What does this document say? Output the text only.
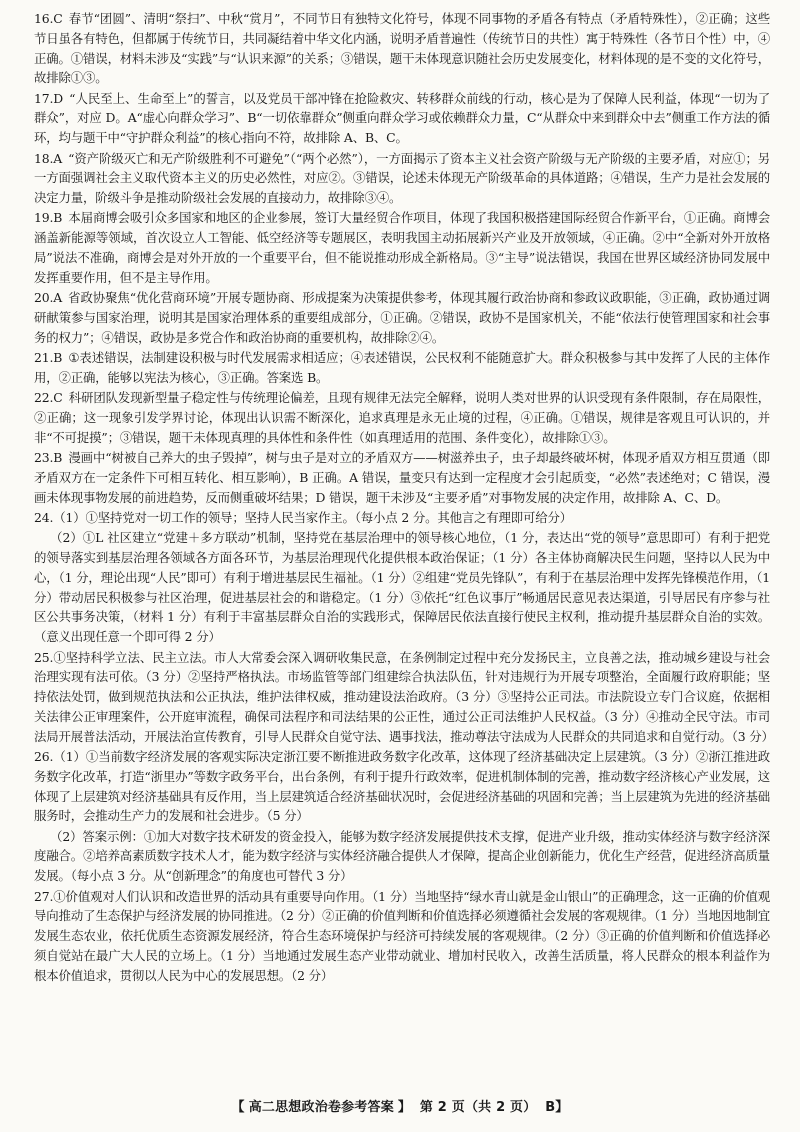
16.C  春节“团圆”、清明“祭扫”、中秋“赏月”，不同节日有独特文化符号，体现不同事物的矛盾各有特点（矛盾特殊性），②正确；这些节日虽各有特色，但都属于传统节日，共同凝结着中华文化内涵，说明矛盾普遍性（传统节日的共性）寓于特殊性（各节日个性）中，④正确。①错误，材料未涉及“实践”与“认识来源”的关系；③错误，题干未体现意识随社会历史发展变化，材料体现的是不变的文化符号，故排除①③。

17.D  “人民至上、生命至上”的誓言，以及党员干部冲锋在抢险救灾、转移群众前线的行动，核心是为了保障人民利益，体现“一切为了群众”，对应 D。A“虚心向群众学习”、B“一切依靠群众”侧重向群众学习或依赖群众力量，C“从群众中来到群众中去”侧重工作方法的循环，均与题干中“守护群众利益”的核心指向不符，故排除 A、B、C。

18.A  “资产阶级灭亡和无产阶级胜利不可避免”（“两个必然”），一方面揭示了资本主义社会资产阶级与无产阶级的主要矛盾，对应①；另一方面强调社会主义取代资本主义的历史必然性，对应②。③错误，论述未体现无产阶级革命的具体道路；④错误，生产力是社会发展的决定力量，阶级斗争是推动阶级社会发展的直接动力，故排除③④。

19.B  本届商博会吸引众多国家和地区的企业参展，签订大量经贸合作项目，体现了我国积极搭建国际经贸合作新平台，①正确。商博会涵盖新能源等领域，首次设立人工智能、低空经济等专题展区，表明我国主动拓展新兴产业及开放领域，④正确。②中“全新对外开放格局”说法不准确，商博会是对外开放的一个重要平台，但不能说推动形成全新格局。③“主导”说法错误，我国在世界区域经济协同发展中发挥重要作用，但不是主导作用。

20.A  省政协聚焦“优化营商环境”开展专题协商、形成提案为决策提供参考，体现其履行政治协商和参政议政职能，③正确，政协通过调研献策参与国家治理，说明其是国家治理体系的重要组成部分，①正确。②错误，政协不是国家机关，不能“依法行使管理国家和社会事务的权力”；④错误，政协是多党合作和政治协商的重要机构，故排除②④。

21.B  ①表述错误，法制建设积极与时代发展需求相适应；④表述错误，公民权利不能随意扩大。群众积极参与其中发挥了人民的主体作用，②正确，能够以宪法为核心，③正确。答案选 B。

22.C  科研团队发现新型量子稳定性与传统理论偏差，且现有规律无法完全解释，说明人类对世界的认识受现有条件限制，存在局限性，②正确；这一现象引发学界讨论，体现出认识需不断深化，追求真理是永无止境的过程，④正确。①错误，规律是客观且可认识的，并非“不可捉摸”；③错误，题干未体现真理的具体性和条件性（如真理适用的范围、条件变化），故排除①③。

23.B  漫画中“树被自己养大的虫子毁掉”，树与虫子是对立的矛盾双方——树滋养虫子，虫子却最终破坏树，体现矛盾双方相互贯通（即矛盾双方在一定条件下可相互转化、相互影响），B 正确。A 错误，量变只有达到一定程度才会引起质变，“必然”表述绝对；C 错误，漫画未体现事物发展的前进趋势，反而侧重破坏结果；D 错误，题干未涉及“主要矛盾”对事物发展的决定作用，故排除 A、C、D。

24.（1）①坚持党对一切工作的领导；坚持人民当家作主。（每小点 2 分。其他言之有理即可给分）

（2）①L 社区建立“党建＋多方联动”机制，坚持党在基层治理中的领导核心地位，（1 分，表达出“党的领导”意思即可）有利于把党的领导落实到基层治理各领域各方面各环节，为基层治理现代化提供根本政治保证；（1 分）各主体协商解决民生问题，坚持以人民为中心，（1 分，理论出现“人民”即可）有利于增进基层民生福祉。（1 分）②组建“党员先锋队”，有利于在基层治理中发挥先锋模范作用，（1 分）带动居民积极参与社区治理，促进基层社会的和谐稳定。（1 分）③依托“红色议事厅”畅通居民意见表达渠道，引导居民有序参与社区公共事务决策，（材料 1 分）有利于丰富基层群众自治的实践形式，保障居民依法直接行使民主权利，推动提升基层群众自治的实效。（意义出现任意一个即可得 2 分）

25.①坚持科学立法、民主立法。市人大常委会深入调研收集民意，在条例制定过程中充分发扬民主，立良善之法，推动城乡建设与社会治理实现有法可依。（3 分）②坚持严格执法。市场监管等部门组建综合执法队伍，针对违规行为开展专项整治，全面履行政府职能；坚持依法处罚，做到规范执法和公正执法，维护法律权威，推动建设法治政府。（3 分）③坚持公正司法。市法院设立专门合议庭，依据相关法律公正审理案件，公开庭审流程，确保司法程序和司法结果的公正性，通过公正司法维护人民权益。（3 分）④推动全民守法。市司法局开展普法活动，开展法治宣传教育，引导人民群众自觉守法、遇事找法，推动尊法守法成为人民群众的共同追求和自觉行动。（3 分）

26.（1）①当前数字经济发展的客观实际决定浙江要不断推进政务数字化改革，这体现了经济基础决定上层建筑。（3 分）②浙江推进政务数字化改革，打造“浙里办”等数字政务平台，出台条例，有利于提升行政效率，促进机制体制的完善，推动数字经济核心产业发展，这体现了上层建筑对经济基础具有反作用，当上层建筑适合经济基础状况时，会促进经济基础的巩固和完善；当上层建筑为先进的经济基础服务时，会推动生产力的发展和社会进步。（5 分）

（2）答案示例：①加大对数字技术研发的资金投入，能够为数字经济发展提供技术支撑，促进产业升级，推动实体经济与数字经济深度融合。②培养高素质数字技术人才，能为数字经济与实体经济融合提供人才保障，提高企业创新能力，优化生产经营，促进经济高质量发展。（每小点 3 分。从“创新理念”的角度也可替代 3 分）

27.①价值观对人们认识和改造世界的活动具有重要导向作用。（1 分）当地坚持“绿水青山就是金山银山”的正确理念，这一正确的价值观导向推动了生态保护与经济发展的协同推进。（2 分）②正确的价值判断和价值选择必须遵循社会发展的客观规律。（1 分）当地因地制宜发展生态农业，依托优质生态资源发展经济，符合生态环境保护与经济可持续发展的客观规律。（2 分）③正确的价值判断和价值选择必须自觉站在最广大人民的立场上。（1 分）当地通过发展生态产业带动就业、增加村民收入，改善生活质量，将人民群众的根本利益作为根本价值追求，贯彻以人民为中心的发展思想。（2 分）

【 高二思想政治卷参考答案 】 第 2 页（共 2 页） B】
